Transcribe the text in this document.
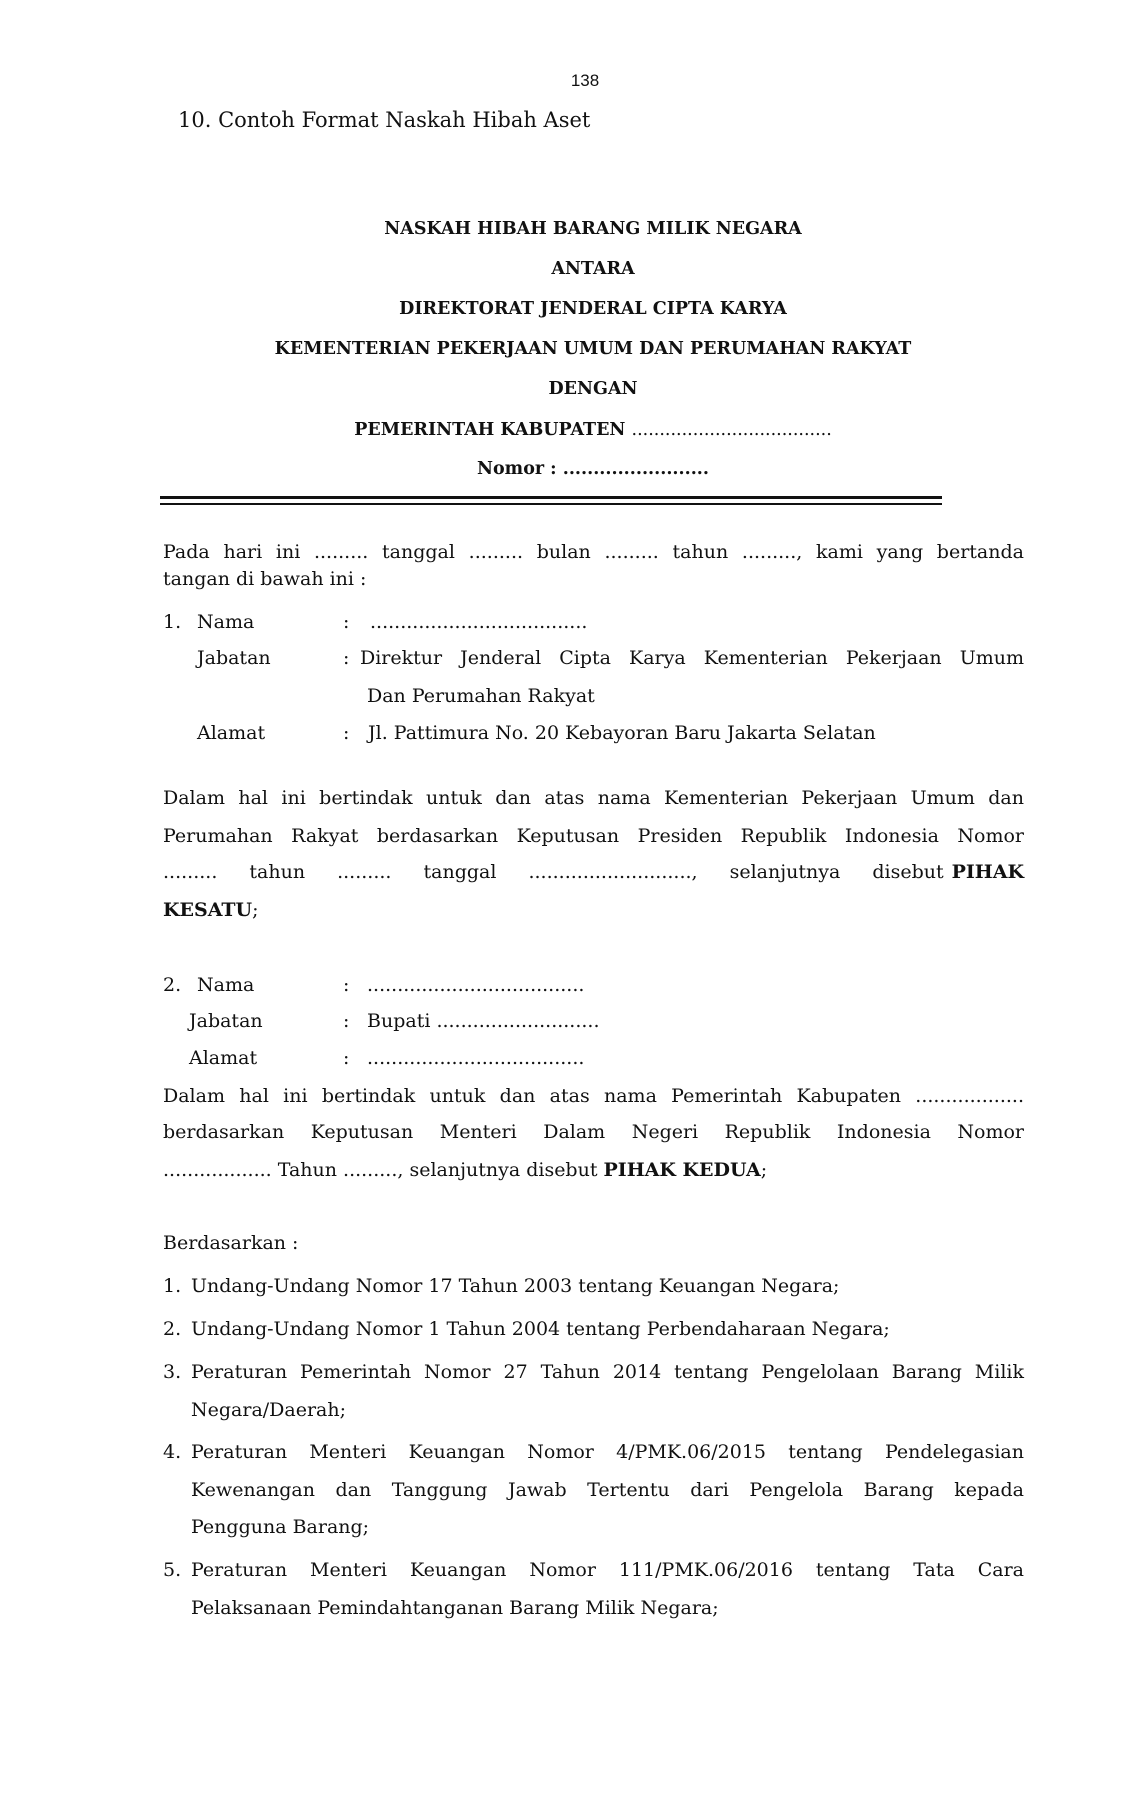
138
10. Contoh Format Naskah Hibah Aset
NASKAH HIBAH BARANG MILIK NEGARA
ANTARA
DIREKTORAT JENDERAL CIPTA KARYA
KEMENTERIAN PEKERJAAN UMUM DAN PERUMAHAN RAKYAT
DENGAN
PEMERINTAH KABUPATEN ....................................
Nomor : ........................
Pada hari ini ......... tanggal ......... bulan ......... tahun ........., kami yang bertanda
tangan di bawah ini :
1. Nama	: ....................................
Jabatan	: Direktur Jenderal Cipta Karya Kementerian Pekerjaan Umum
Dan Perumahan Rakyat
Alamat	: Jl. Pattimura No. 20 Kebayoran Baru Jakarta Selatan
Dalam hal ini bertindak untuk dan atas nama Kementerian Pekerjaan Umum dan
Perumahan Rakyat berdasarkan Keputusan Presiden Republik Indonesia Nomor
......... tahun ......... tanggal ..........................., selanjutnya disebut PIHAK
KESATU;
2. Nama	: ....................................
Jabatan	: Bupati ...........................
Alamat	: ....................................
Dalam hal ini bertindak untuk dan atas nama Pemerintah Kabupaten ..................
berdasarkan Keputusan Menteri Dalam Negeri Republik Indonesia Nomor
.................. Tahun ........., selanjutnya disebut PIHAK KEDUA;
Berdasarkan :
1. Undang-Undang Nomor 17 Tahun 2003 tentang Keuangan Negara;
2. Undang-Undang Nomor 1 Tahun 2004 tentang Perbendaharaan Negara;
3. Peraturan Pemerintah Nomor 27 Tahun 2014 tentang Pengelolaan Barang Milik
Negara/Daerah;
4. Peraturan Menteri Keuangan Nomor 4/PMK.06/2015 tentang Pendelegasian
Kewenangan dan Tanggung Jawab Tertentu dari Pengelola Barang kepada
Pengguna Barang;
5. Peraturan Menteri Keuangan Nomor 111/PMK.06/2016 tentang Tata Cara
Pelaksanaan Pemindahtanganan Barang Milik Negara;
